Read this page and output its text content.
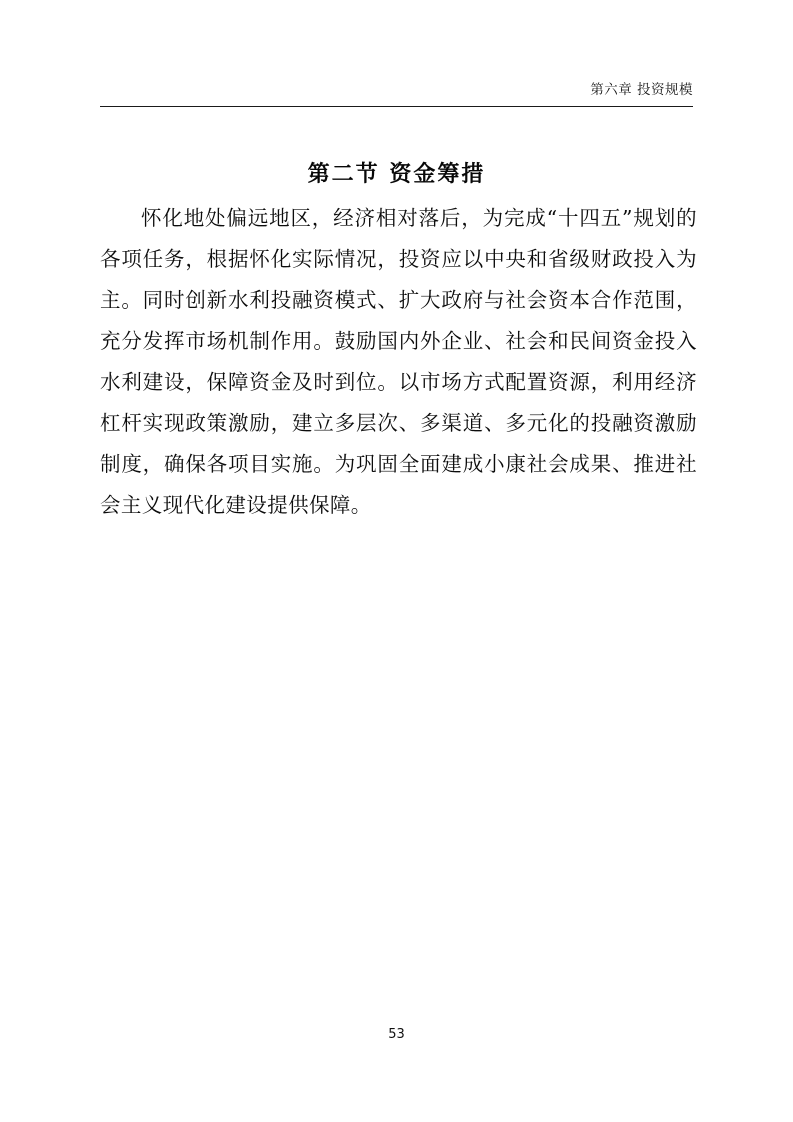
第六章 投资规模
第二节 资金筹措
怀化地处偏远地区，经济相对落后，为完成“十四五”规划的各项任务，根据怀化实际情况，投资应以中央和省级财政投入为主。同时创新水利投融资模式、扩大政府与社会资本合作范围，充分发挥市场机制作用。鼓励国内外企业、社会和民间资金投入水利建设，保障资金及时到位。以市场方式配置资源，利用经济杠杆实现政策激励，建立多层次、多渠道、多元化的投融资激励制度，确保各项目实施。为巩固全面建成小康社会成果、推进社会主义现代化建设提供保障。
53
